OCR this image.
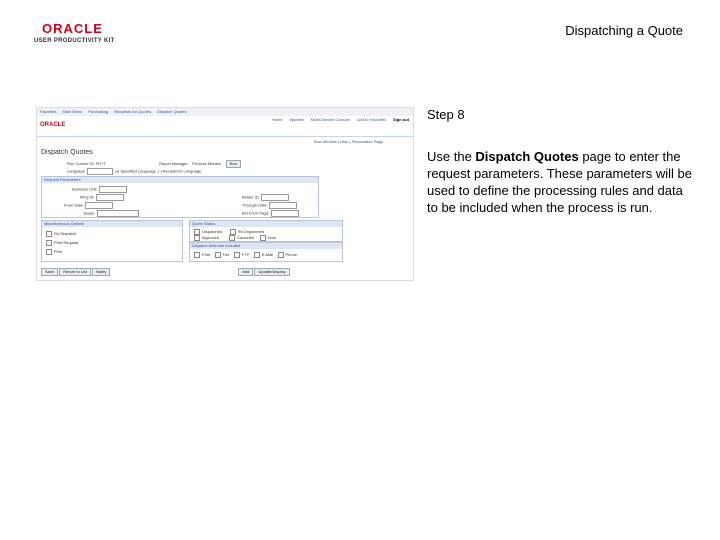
ORACLE
USER PRODUCTIVITY KIT
Dispatching a Quote
Favorites Main Menu Purchasing Requests for Quotes Dispatch Quotes
ORACLE
Home Worklist MultiChannel Console Add to Favorites Sign out
New Window | Help | Personalize Page
Dispatch Quotes
Run Control ID: FD7T                                                Report Manager    Process Monitor    Run
Language:	(•) Specified Language  ( ) Recipient's Language
Request Parameters
Business Unit:
RFQ ID:
From Date:
Buyer:
Bidder ID:
Through Date:
Bid Form Page:
Miscellaneous Options
Re-Dispatch
Print Request
Print
Quote Status
Dispatched       Re-Dispatched
Approved         Canceled     Hold
Dispatch Methods Included
Print    Fax    FTP    E-Mail    Phone
Save Return to List Notify	Add Update/Display
Step 8
Use the Dispatch Quotes page to enter the request parameters. These parameters will be used to define the processing rules and data to be included when the process is run.
